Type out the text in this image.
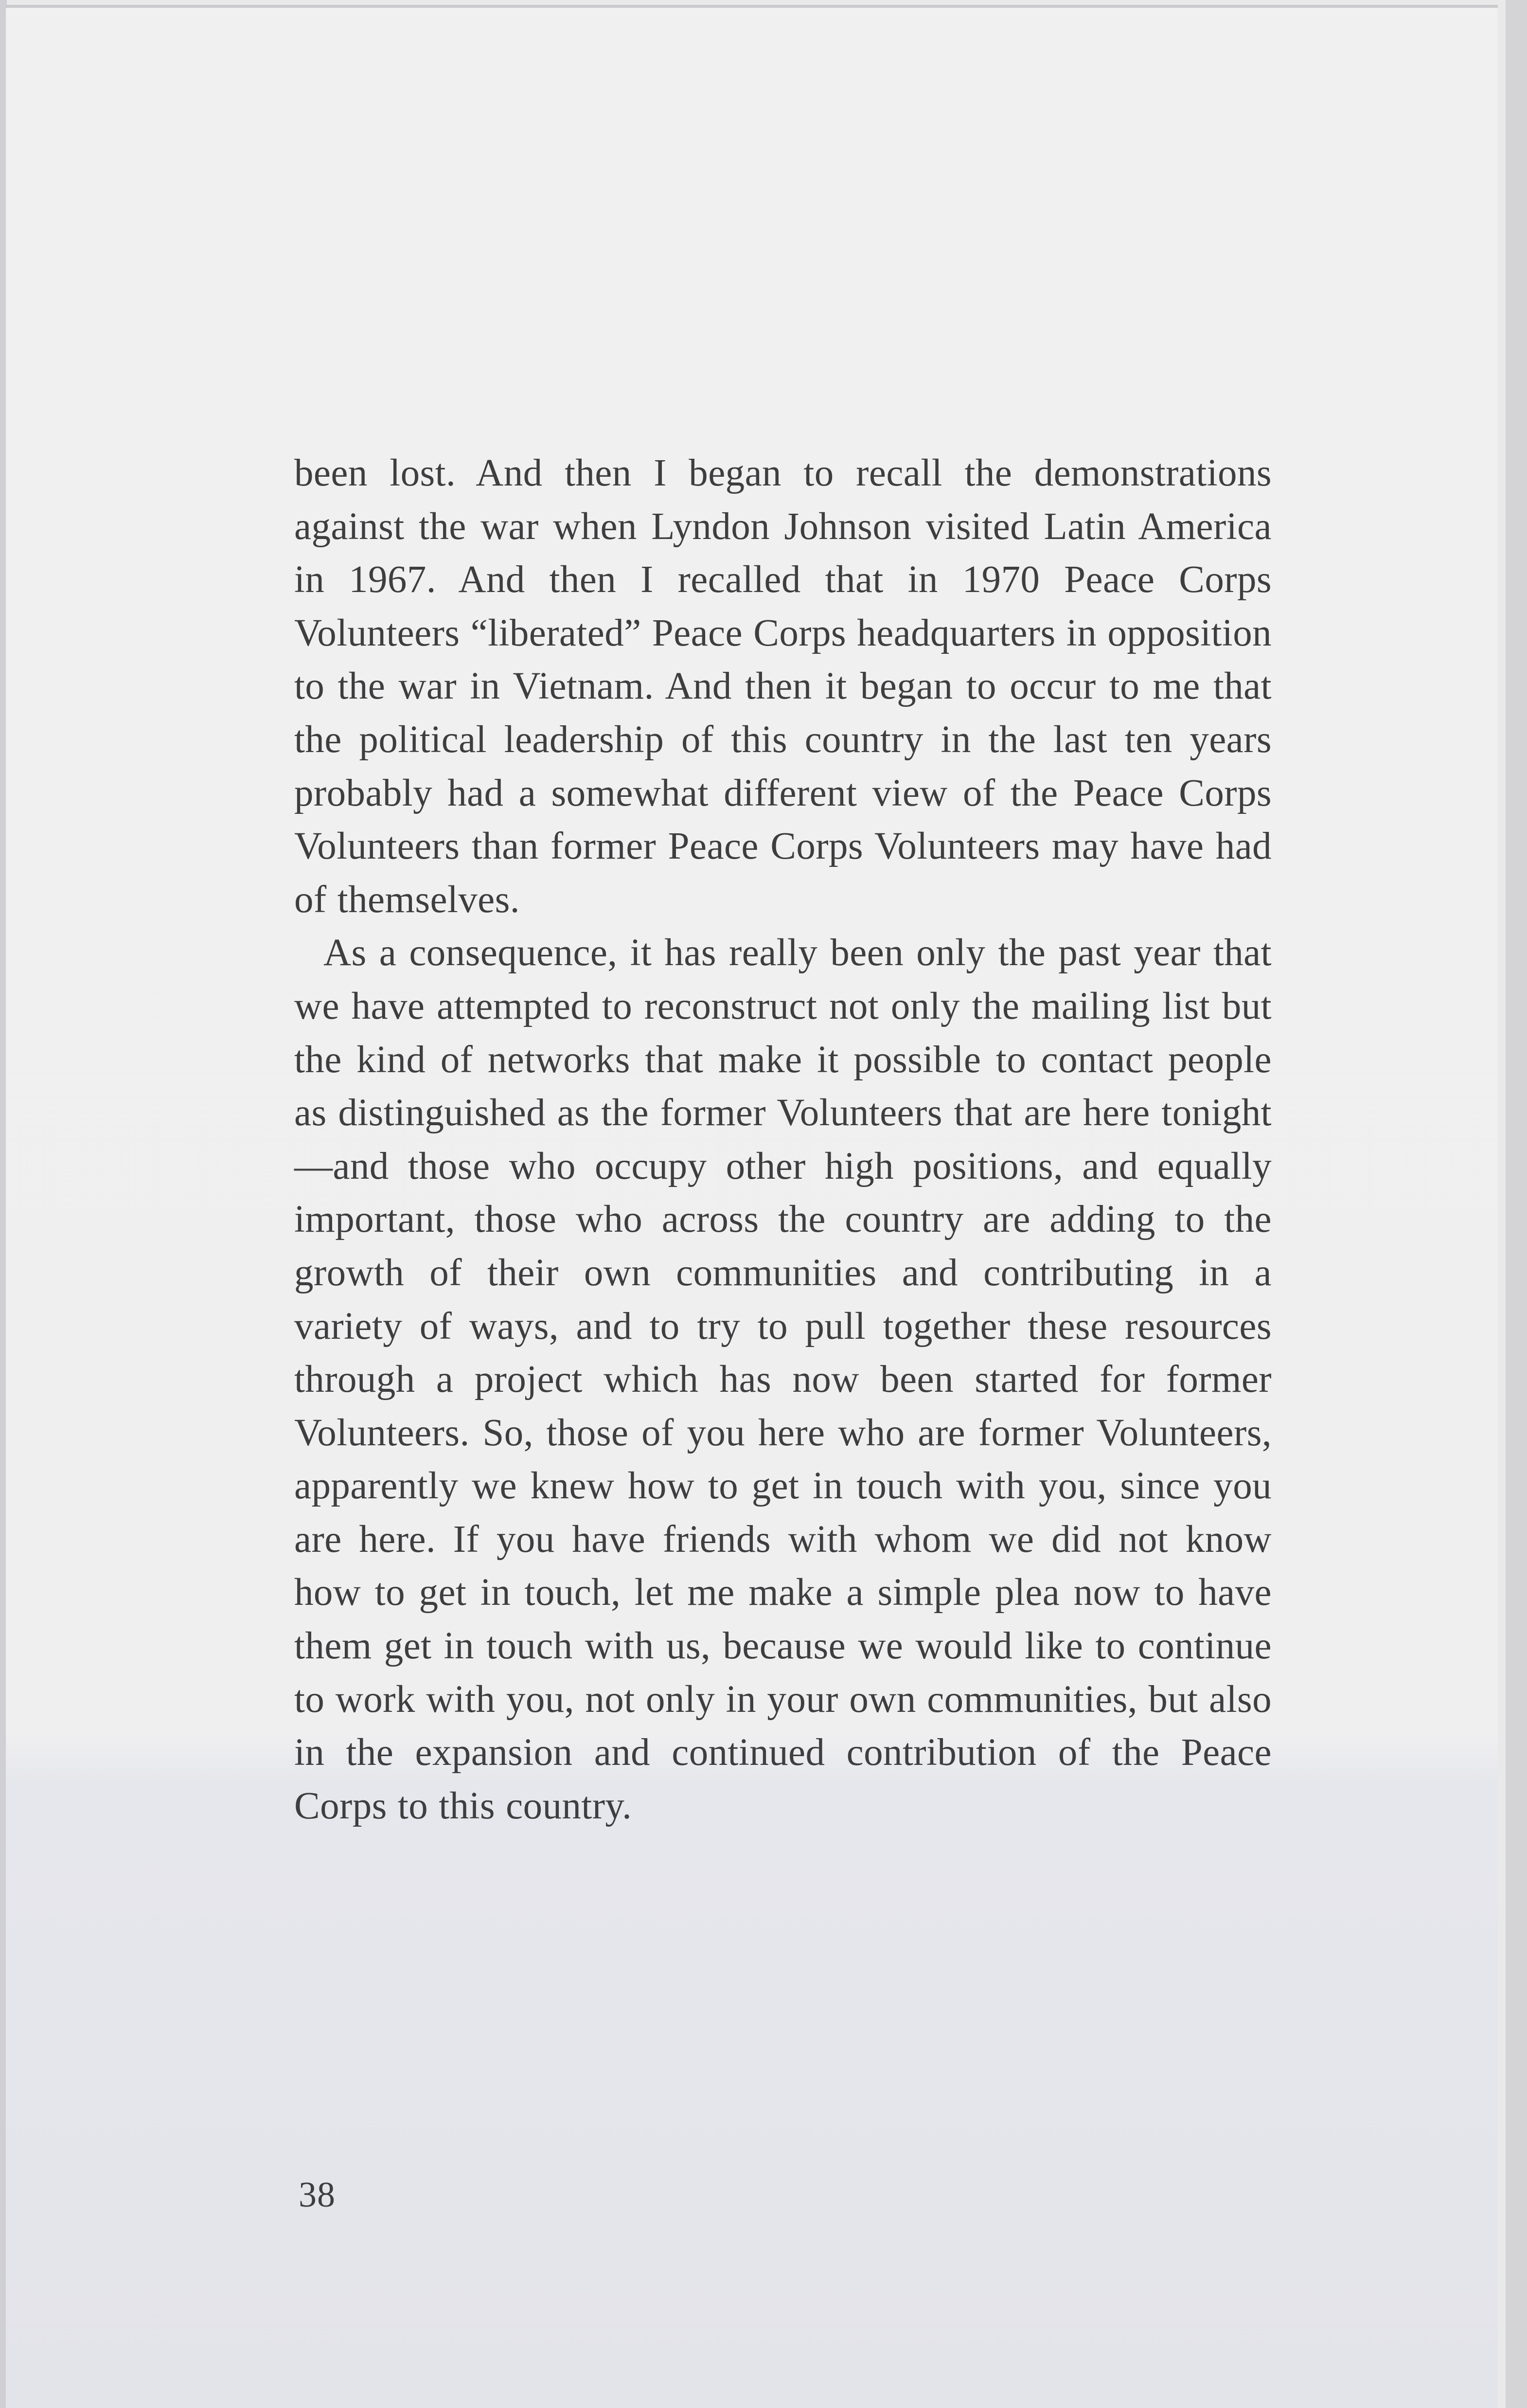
been lost. And then I began to recall the demonstrations against the war when Lyndon Johnson visited Latin America in 1967. And then I recalled that in 1970 Peace Corps Volunteers “liberated” Peace Corps headquarters in opposition to the war in Vietnam. And then it began to occur to me that the political leadership of this country in the last ten years probably had a somewhat different view of the Peace Corps Volunteers than former Peace Corps Volunteers may have had of themselves.

As a consequence, it has really been only the past year that we have attempted to reconstruct not only the mailing list but the kind of networks that make it possible to contact people as distinguished as the former Volunteers that are here tonight—and those who occupy other high positions, and equally important, those who across the country are adding to the growth of their own communities and contributing in a variety of ways, and to try to pull together these resources through a project which has now been started for former Volunteers. So, those of you here who are former Volunteers, apparently we knew how to get in touch with you, since you are here. If you have friends with whom we did not know how to get in touch, let me make a simple plea now to have them get in touch with us, because we would like to continue to work with you, not only in your own communities, but also in the expansion and continued contribution of the Peace Corps to this country.

38
